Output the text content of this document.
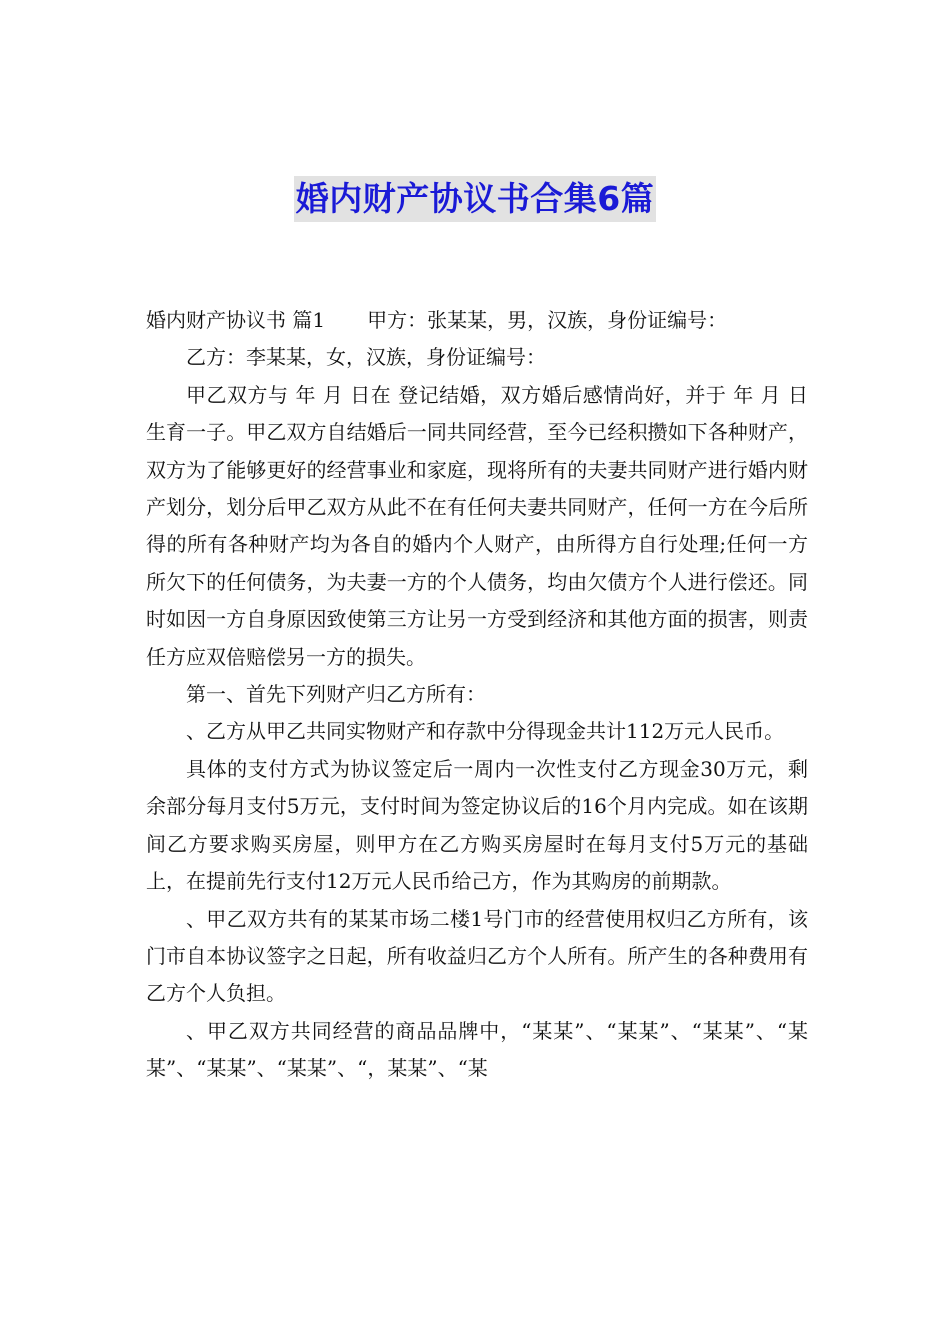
婚内财产协议书合集6篇

婚内财产协议书 篇1 甲方：张某某，男，汉族，身份证编号：

乙方：李某某，女，汉族，身份证编号：

甲乙双方与 年 月 日在 登记结婚，双方婚后感情尚好，并于 年 月 日生育一子。甲乙双方自结婚后一同共同经营，至今已经积攒如下各种财产，双方为了能够更好的经营事业和家庭，现将所有的夫妻共同财产进行婚内财产划分，划分后甲乙双方从此不在有任何夫妻共同财产，任何一方在今后所得的所有各种财产均为各自的婚内个人财产，由所得方自行处理;任何一方所欠下的任何债务，为夫妻一方的个人债务，均由欠债方个人进行偿还。同时如因一方自身原因致使第三方让另一方受到经济和其他方面的损害，则责任方应双倍赔偿另一方的损失。

第一、首先下列财产归乙方所有：

、乙方从甲乙共同实物财产和存款中分得现金共计112万元人民币。

具体的支付方式为协议签定后一周内一次性支付乙方现金30万元，剩余部分每月支付5万元，支付时间为签定协议后的16个月内完成。如在该期间乙方要求购买房屋，则甲方在乙方购买房屋时在每月支付5万元的基础上，在提前先行支付12万元人民币给己方，作为其购房的前期款。

、甲乙双方共有的某某市场二楼1号门市的经营使用权归乙方所有，该门市自本协议签字之日起，所有收益归乙方个人所有。所产生的各种费用有乙方个人负担。

、甲乙双方共同经营的商品品牌中，“某某”、“某某”、“某某”、“某某”、“某某”、“某某”、“，某某”、“某
